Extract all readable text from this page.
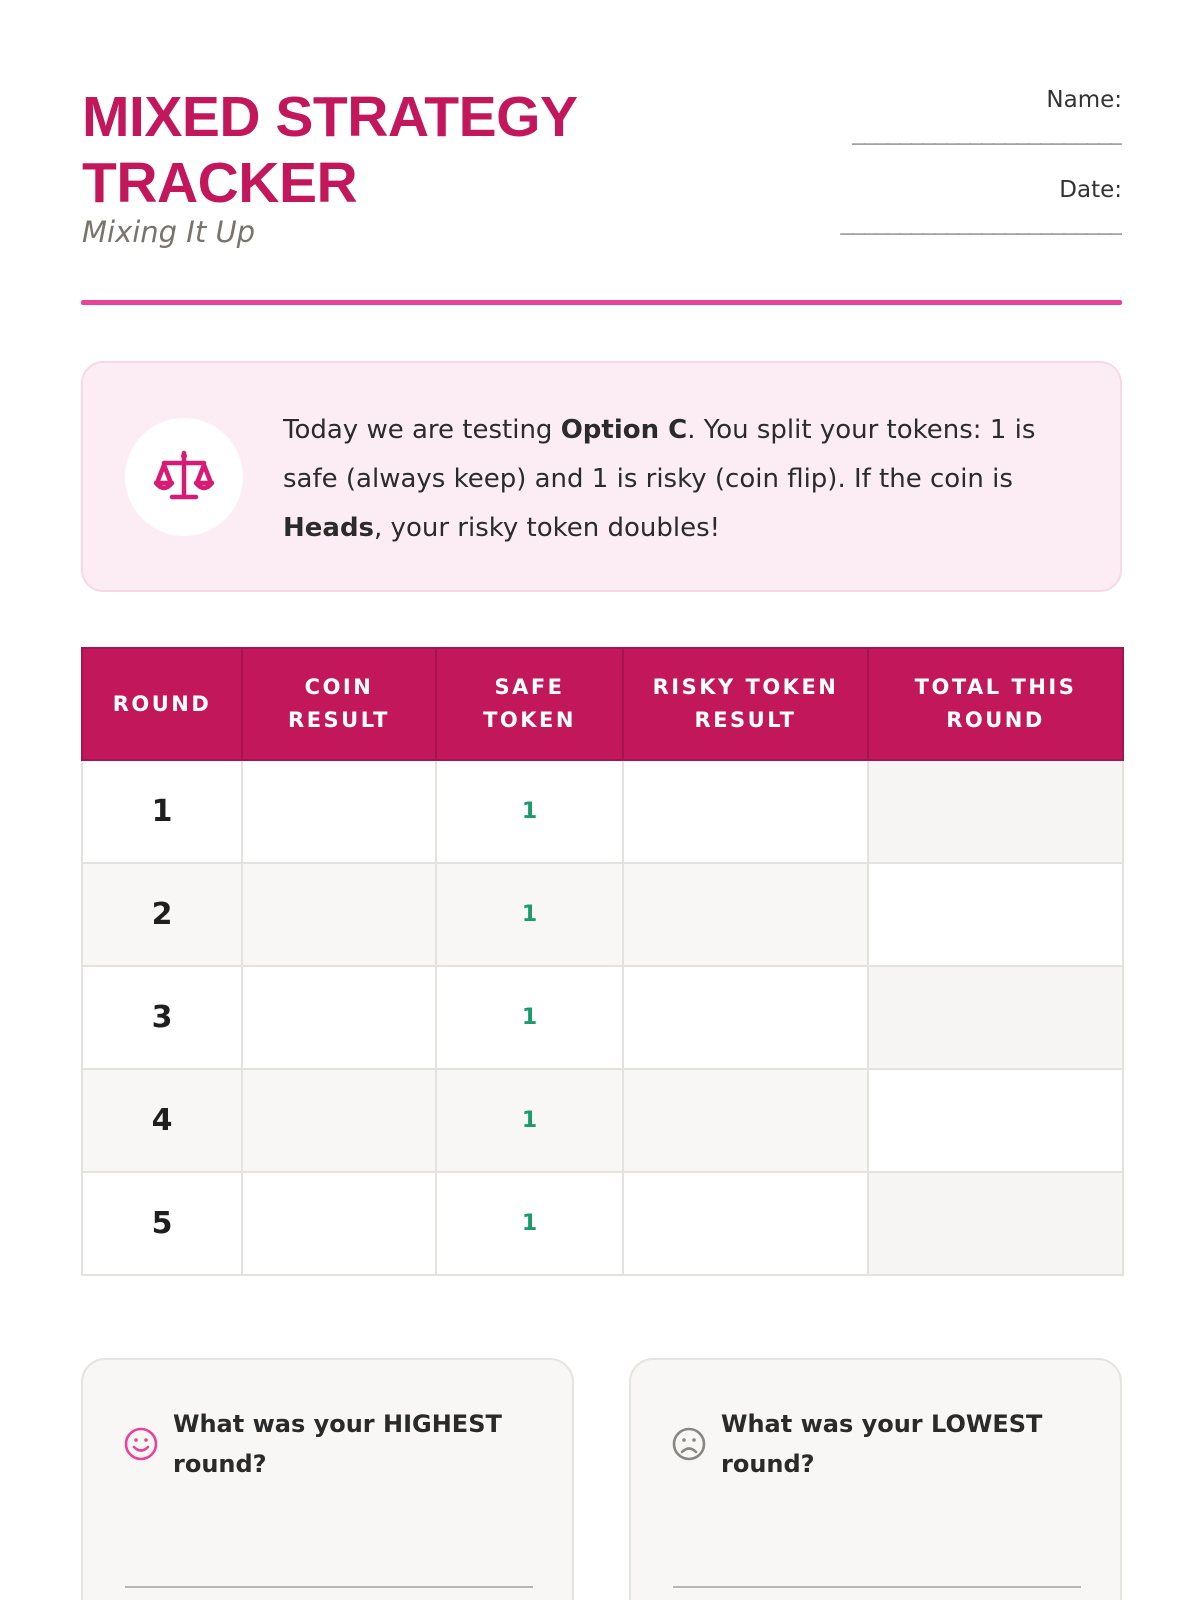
MIXED STRATEGY
TRACKER
Mixing It Up
Name:
_______________________
Date:
________________________
Today we are testing Option C. You split your tokens: 1 is safe (always keep) and 1 is risky (coin flip). If the coin is Heads, your risky token doubles!
ROUND	COIN RESULT	SAFE TOKEN	RISKY TOKEN RESULT	TOTAL THIS ROUND
1		1		
2		1		
3		1		
4		1		
5		1		
What was your HIGHEST round?
What was your LOWEST round?
